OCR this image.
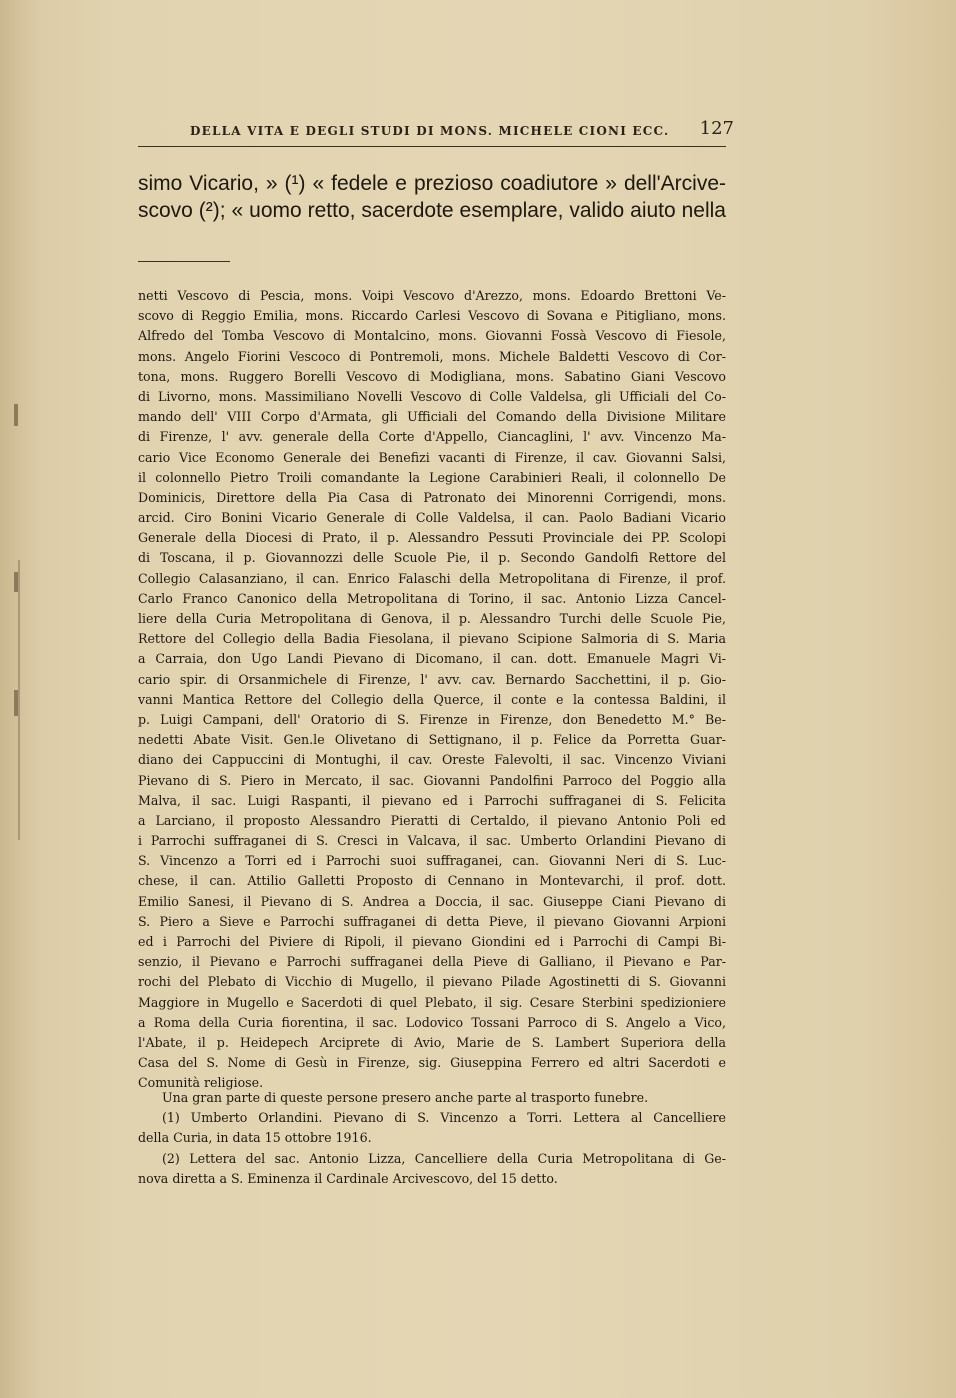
DELLA VITA E DEGLI STUDI DI MONS. MICHELE CIONI ECC. 127
simo Vicario, » (¹) « fedele e prezioso coadiutore » dell'Arcive-
scovo (²); « uomo retto, sacerdote esemplare, valido aiuto nella
netti Vescovo di Pescia, mons. Voipi Vescovo d'Arezzo, mons. Edoardo Brettoni Ve-
scovo di Reggio Emilia, mons. Riccardo Carlesi Vescovo di Sovana e Pitigliano, mons.
Alfredo del Tomba Vescovo di Montalcino, mons. Giovanni Fossà Vescovo di Fiesole,
mons. Angelo Fiorini Vescoco di Pontremoli, mons. Michele Baldetti Vescovo di Cor-
tona, mons. Ruggero Borelli Vescovo di Modigliana, mons. Sabatino Giani Vescovo
di Livorno, mons. Massimiliano Novelli Vescovo di Colle Valdelsa, gli Ufficiali del Co-
mando dell' VIII Corpo d'Armata, gli Ufficiali del Comando della Divisione Militare
di Firenze, l' avv. generale della Corte d'Appello, Ciancaglini, l' avv. Vincenzo Ma-
cario Vice Economo Generale dei Benefizi vacanti di Firenze, il cav. Giovanni Salsi,
il colonnello Pietro Troili comandante la Legione Carabinieri Reali, il colonnello De
Dominicis, Direttore della Pia Casa di Patronato dei Minorenni Corrigendi, mons.
arcid. Ciro Bonini Vicario Generale di Colle Valdelsa, il can. Paolo Badiani Vicario
Generale della Diocesi di Prato, il p. Alessandro Pessuti Provinciale dei PP. Scolopi
di Toscana, il p. Giovannozzi delle Scuole Pie, il p. Secondo Gandolfi Rettore del
Collegio Calasanziano, il can. Enrico Falaschi della Metropolitana di Firenze, il prof.
Carlo Franco Canonico della Metropolitana di Torino, il sac. Antonio Lizza Cancel-
liere della Curia Metropolitana di Genova, il p. Alessandro Turchi delle Scuole Pie,
Rettore del Collegio della Badia Fiesolana, il pievano Scipione Salmoria di S. Maria
a Carraia, don Ugo Landi Pievano di Dicomano, il can. dott. Emanuele Magri Vi-
cario spir. di Orsanmichele di Firenze, l' avv. cav. Bernardo Sacchettini, il p. Gio-
vanni Mantica Rettore del Collegio della Querce, il conte e la contessa Baldini, il
p. Luigi Campani, dell' Oratorio di S. Firenze in Firenze, don Benedetto M.° Be-
nedetti Abate Visit. Gen.le Olivetano di Settignano, il p. Felice da Porretta Guar-
diano dei Cappuccini di Montughi, il cav. Oreste Falevolti, il sac. Vincenzo Viviani
Pievano di S. Piero in Mercato, il sac. Giovanni Pandolfini Parroco del Poggio alla
Malva, il sac. Luigi Raspanti, il pievano ed i Parrochi suffraganei di S. Felicita
a Larciano, il proposto Alessandro Pieratti di Certaldo, il pievano Antonio Poli ed
i Parrochi suffraganei di S. Cresci in Valcava, il sac. Umberto Orlandini Pievano di
S. Vincenzo a Torri ed i Parrochi suoi suffraganei, can. Giovanni Neri di S. Luc-
chese, il can. Attilio Galletti Proposto di Cennano in Montevarchi, il prof. dott.
Emilio Sanesi, il Pievano di S. Andrea a Doccia, il sac. Giuseppe Ciani Pievano di
S. Piero a Sieve e Parrochi suffraganei di detta Pieve, il pievano Giovanni Arpioni
ed i Parrochi del Piviere di Ripoli, il pievano Giondini ed i Parrochi di Campi Bi-
senzio, il Pievano e Parrochi suffraganei della Pieve di Galliano, il Pievano e Par-
rochi del Plebato di Vicchio di Mugello, il pievano Pilade Agostinetti di S. Giovanni
Maggiore in Mugello e Sacerdoti di quel Plebato, il sig. Cesare Sterbini spedizioniere
a Roma della Curia fiorentina, il sac. Lodovico Tossani Parroco di S. Angelo a Vico,
l'Abate, il p. Heidepech Arciprete di Avio, Marie de S. Lambert Superiora della
Casa del S. Nome di Gesù in Firenze, sig. Giuseppina Ferrero ed altri Sacerdoti e
Comunità religiose.
Una gran parte di queste persone presero anche parte al trasporto funebre.
(1) Umberto Orlandini. Pievano di S. Vincenzo a Torri. Lettera al Cancelliere
della Curia, in data 15 ottobre 1916.
(2) Lettera del sac. Antonio Lizza, Cancelliere della Curia Metropolitana di Ge-
nova diretta a S. Eminenza il Cardinale Arcivescovo, del 15 detto.
